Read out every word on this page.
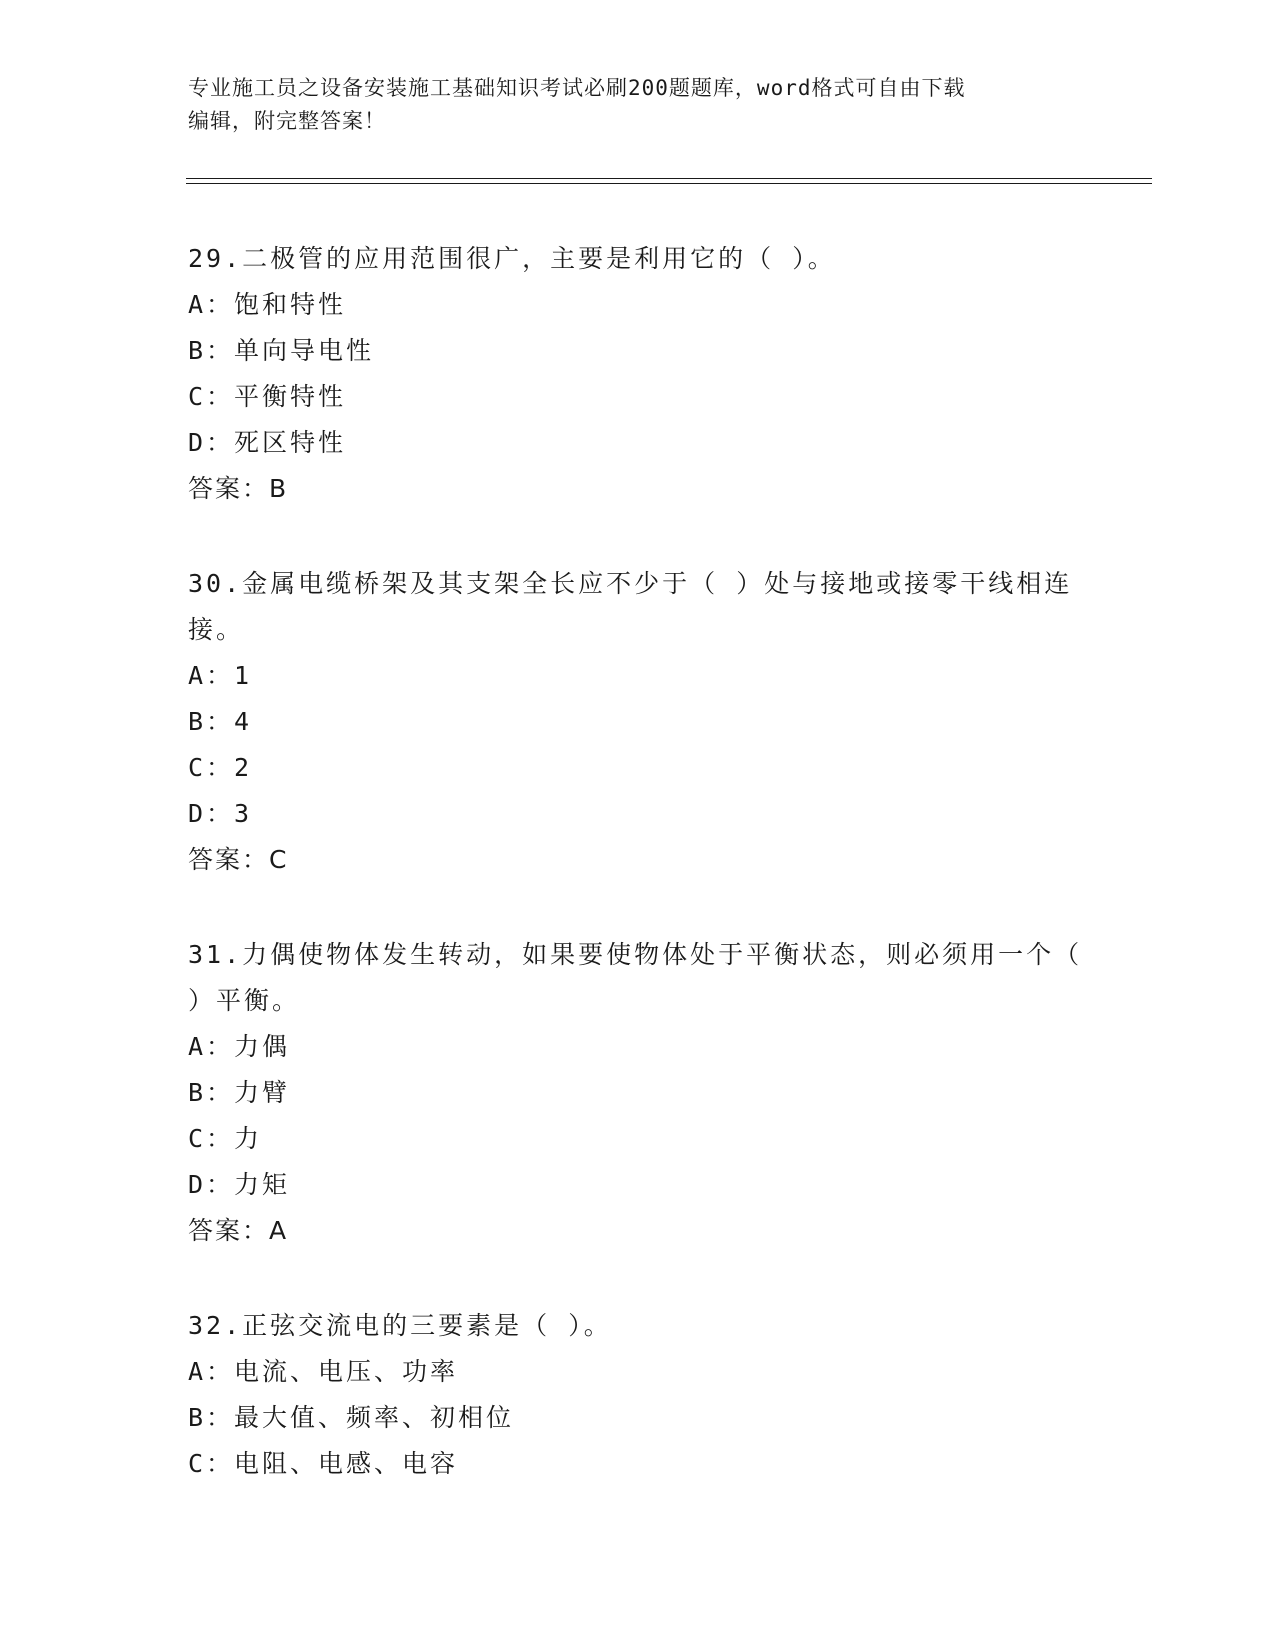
专业施工员之设备安装施工基础知识考试必刷200题题库，word格式可自由下载
编辑，附完整答案！
29.二极管的应用范围很广，主要是利用它的（ ）。
A：饱和特性
B：单向导电性
C：平衡特性
D：死区特性
答案：B
30.金属电缆桥架及其支架全长应不少于（ ）处与接地或接零干线相连接。
A：1
B：4
C：2
D：3
答案：C
31.力偶使物体发生转动，如果要使物体处于平衡状态，则必须用一个（ ）平衡。
A：力偶
B：力臂
C：力
D：力矩
答案：A
32.正弦交流电的三要素是（ ）。
A：电流、电压、功率
B：最大值、频率、初相位
C：电阻、电感、电容
